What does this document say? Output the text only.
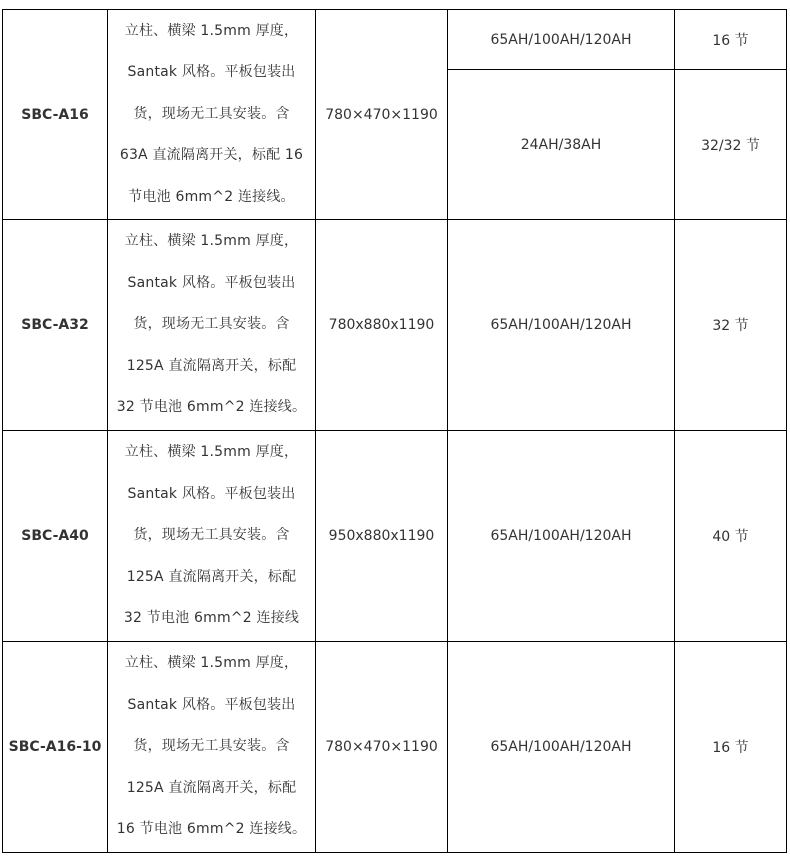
SBC-A16	立柱、横梁 1.5mm 厚度，
Santak 风格。平板包装出
货，现场无工具安装。含
63A 直流隔离开关，标配 16
节电池 6mm^2 连接线。	780×470×1190	65AH/100AH/120AH	16 节
			24AH/38AH	32/32 节
SBC-A32	立柱、横梁 1.5mm 厚度，
Santak 风格。平板包装出
货，现场无工具安装。含
125A 直流隔离开关，标配
32 节电池 6mm^2 连接线。	780x880x1190	65AH/100AH/120AH	32 节
SBC-A40	立柱、横梁 1.5mm 厚度，
Santak 风格。平板包装出
货，现场无工具安装。含
125A 直流隔离开关，标配
32 节电池 6mm^2 连接线	950x880x1190	65AH/100AH/120AH	40 节
SBC-A16-10	立柱、横梁 1.5mm 厚度，
Santak 风格。平板包装出
货，现场无工具安装。含
125A 直流隔离开关，标配
16 节电池 6mm^2 连接线。	780×470×1190	65AH/100AH/120AH	16 节
